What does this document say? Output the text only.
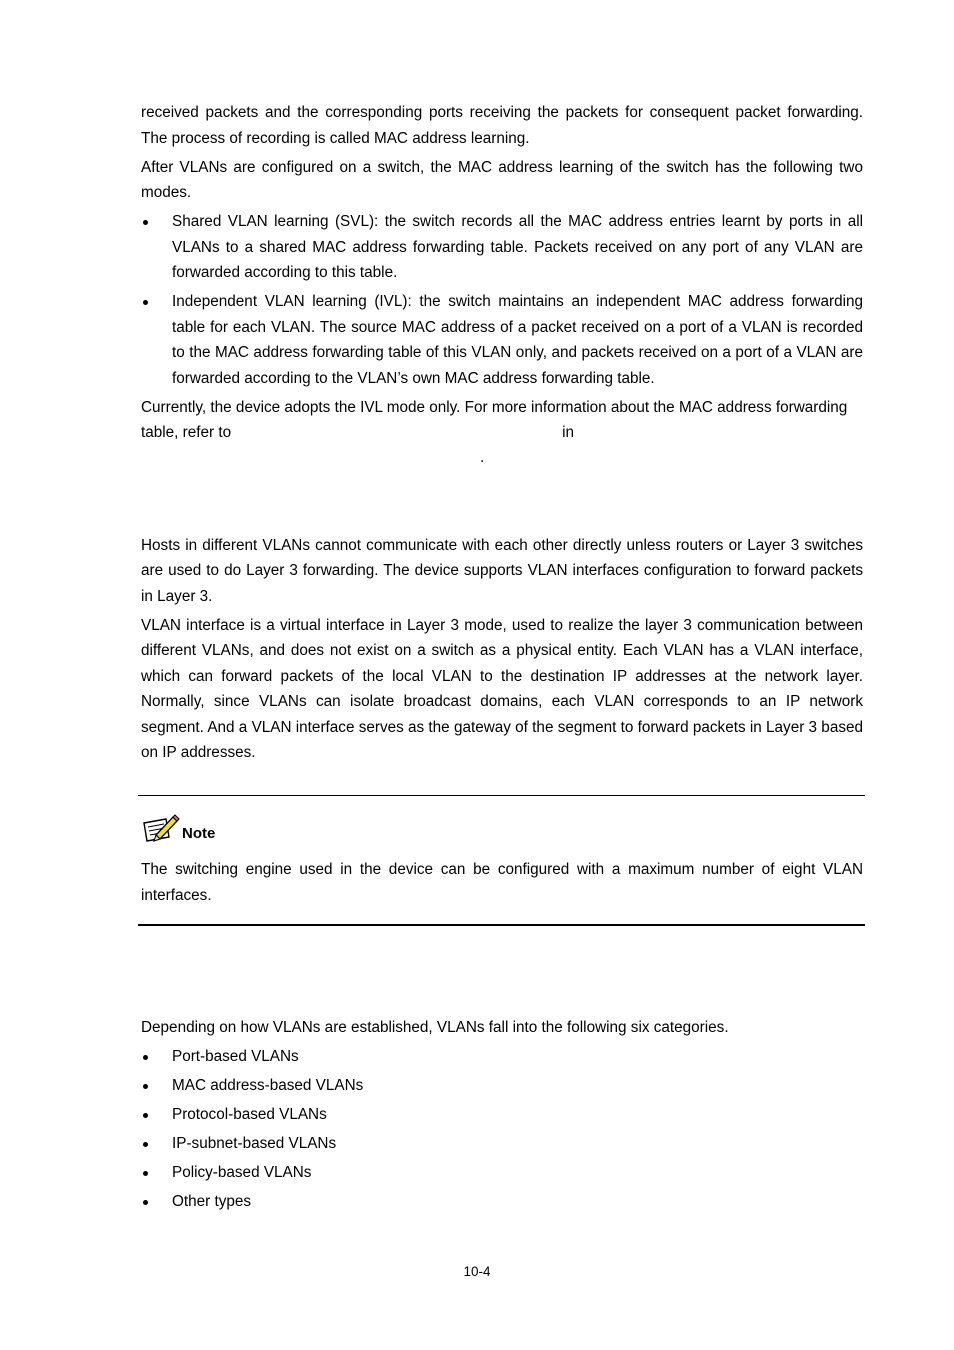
received packets and the corresponding ports receiving the packets for consequent packet forwarding. The process of recording is called MAC address learning.

After VLANs are configured on a switch, the MAC address learning of the switch has the following two modes.

Shared VLAN learning (SVL): the switch records all the MAC address entries learnt by ports in all VLANs to a shared MAC address forwarding table. Packets received on any port of any VLAN are forwarded according to this table.
Independent VLAN learning (IVL): the switch maintains an independent MAC address forwarding table for each VLAN. The source MAC address of a packet received on a port of a VLAN is recorded to the MAC address forwarding table of this VLAN only, and packets received on a port of a VLAN are forwarded according to the VLAN’s own MAC address forwarding table.

Currently, the device adopts the IVL mode only. For more information about the MAC address forwarding table, refer to	in

.

Hosts in different VLANs cannot communicate with each other directly unless routers or Layer 3 switches are used to do Layer 3 forwarding. The device supports VLAN interfaces configuration to forward packets in Layer 3.

VLAN interface is a virtual interface in Layer 3 mode, used to realize the layer 3 communication between different VLANs, and does not exist on a switch as a physical entity. Each VLAN has a VLAN interface, which can forward packets of the local VLAN to the destination IP addresses at the network layer. Normally, since VLANs can isolate broadcast domains, each VLAN corresponds to an IP network segment. And a VLAN interface serves as the gateway of the segment to forward packets in Layer 3 based on IP addresses.

Note

The switching engine used in the device can be configured with a maximum number of eight VLAN interfaces.

Depending on how VLANs are established, VLANs fall into the following six categories.

Port-based VLANs
MAC address-based VLANs
Protocol-based VLANs
IP-subnet-based VLANs
Policy-based VLANs
Other types
10-4
